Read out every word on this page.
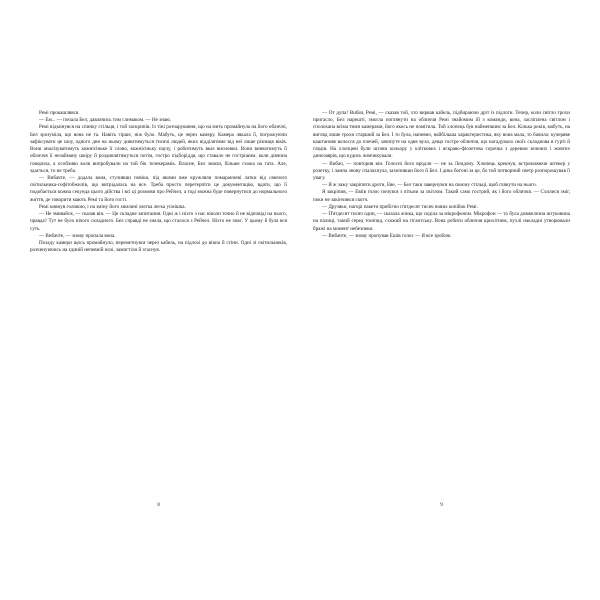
Ремі прокашлявся.

— Ем... — почала Бел, давлячись тим слимаком. — Не знаю.

Ремі відкинувся на спинку стільця, і той заскрипів. Із тіні розчарування, що на мить промайнула на його обличчі, Бел зрозуміла, що вона не та. Навіть гірше, ніж було. Мабуть, це через камеру. Камера лякала її, погрожуючи зафіксувати це шоу, одного дня на ньому дивитимуться тисячі людей, яких відділятиме від неї лише різниця віків. Вони аналізуватимуть кожнісіньке її слово, кожнісіньку паузу, і робитимуть вказ висновки. Вони вивчатимуть її обличчя її незайману шкіру й роздивлятимуться потім, гостро підборіддя, що ставало не гострішим, коли дівчина говорила, а особливо коли випробували на той бік телекерамік. Власне, Бел знаєш, більше схожа на тата. Але, здається, то не треба.

— Вибачте, — додала вона, стуливши повіки, під якими вже кружляли помаранчеві латки від сяючого світильника-софітобжилів, що витрідалась на все. Треба просто перетерпіти це документацію, вдати, що її подобається кожна секунда цього дійства і всі ці розмови про Рейчел, а тоді можна буде повернутися до нормального життя, де говорити мають Ремі та його гості.

Ремі кивнув головою, і на зміну його хвилині злегка легка усмішка.

— Не змивайся, — сказав він. — Це складне запитання. Одні ж і ніхто з нас ніколи точно й не відповіді на нього, правда? Тут не було нічого складного. Бел справді не знала, що сталося з Рейчел. Ніхто не знає. У цьому й була вся суть.

— Вибачте, — знову пропала вона.

Позаду камери щось промайнуло, переметнувся через кабель, на підлозі до вікна й стіни. Одні зі світильників, розчинуючись на єдиній непевній нозі, замигтіли й згаснув.

8

— От дупа! Вибач, Ремі, — сказав той, хто вирвав кабель, підбираючи дріт із підлоги. Тепер, коли світло трохи пригасло, Бел нарешті, змогла поглянути на обличчя Ремі знайомим їй з команди, вона, засліплена світлом і сполохана всіма тими камерами, його якось не помітила. Той хлопець був найменшим за Бел. Кілька років, мабуть, на вигляд лише трохи старший за Бел. І то була, напевно, найбільша характеристика, яку вона мала, то бачила: кучеряве каштанове волосся до плечей, зачипуте на одне вухо, дещо гостре обличчя, що нагадувало своїх складнова в гурті й глядів. На хлопцеві були штани кольору у кліткових і яскраво-фіолетова сорочка з деревом зелених і жовтих динозаврів, що кудись чимчикували.

— Вибач, — повторив він. Голосні його вродли — не за Лондону. Хлопець крекнув, встромляючи штекер у розетку, і лампа знову спалахнула, захопивши його й Бел. І дика богоні за це, бо той потворний светр розпорошував її увагу.

— Я ж зажу закріпити дроти, Еве, — Бел таки завернувся на своєму стільці, щоб глянути на нього.

Я закріпив, — Евіів голос почувся з пітьми за світлом. Такий само гострий, як і його обличчя. — Схилися зміг, поки не закінчився скотч.

— Друзяки, нагорі пакети прибігно п'ятдесят тисяч нових копійок Ремі.

— П'ятдесят тисяч один, — сказала жінка, що сиділа за мікрофоном. Мікрофон — то була довжелезна штуковина на палиці, такий серед тоніпид, схожий на гігантську. Вона робити обличчя крихітним, пухлі накладні утворювали бражі на момент небезпеки.

— Вибачте, — знову пропував Ешів голос — Я все зроблю.

9
